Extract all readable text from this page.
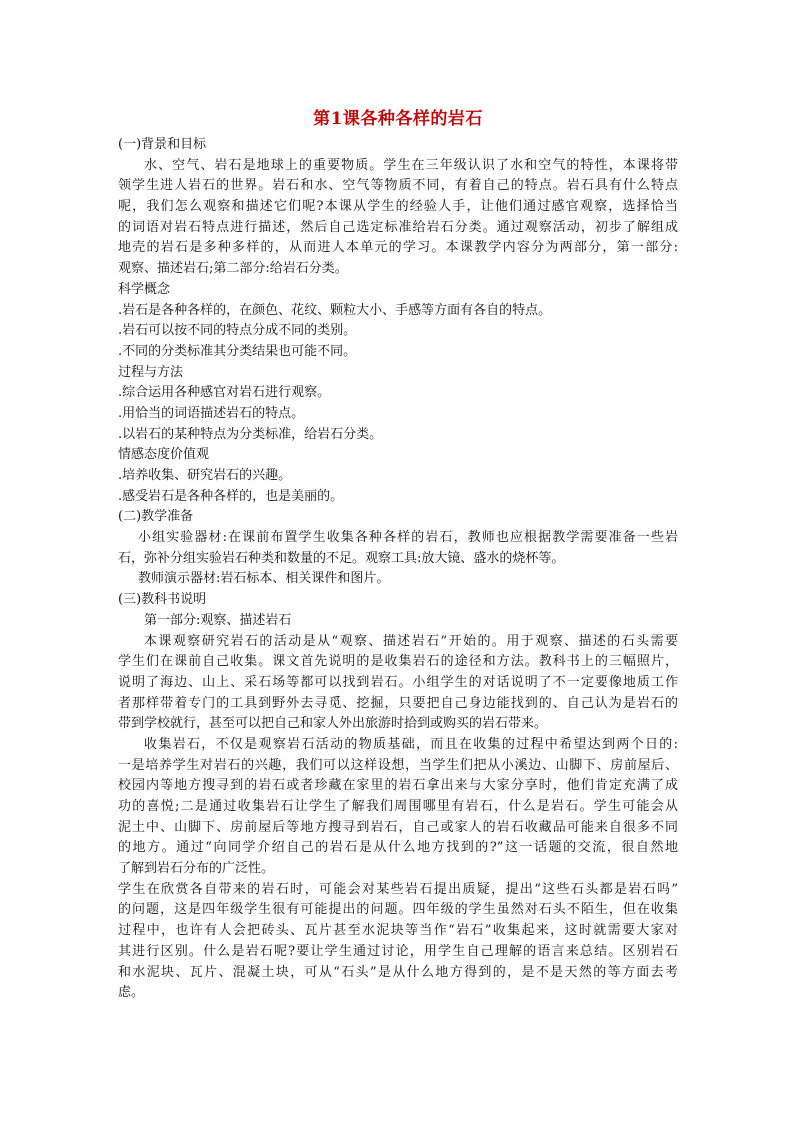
第1课各种各样的岩石
(一)背景和目标
水、空气、岩石是地球上的重要物质。学生在三年级认识了水和空气的特性，本课将带
领学生进人岩石的世界。岩石和水、空气等物质不同，有着自己的特点。岩石具有什么特点
呢，我们怎么观察和描述它们呢?本课从学生的经验人手，让他们通过感官观察，选择恰当
的词语对岩石特点进行描述，然后自己选定标准给岩石分类。通过观察活动，初步了解组成
地壳的岩石是多种多样的，从而进人本单元的学习。本课教学内容分为两部分，第一部分:
观察、描述岩石;第二部分:给岩石分类。
科学概念
.岩石是各种各样的，在颜色、花纹、颗粒大小、手感等方面有各自的特点。
.岩石可以按不同的特点分成不同的类别。
.不同的分类标准其分类结果也可能不同。
过程与方法
.综合运用各种感官对岩石进行观察。
.用恰当的词语描述岩石的特点。
.以岩石的某种特点为分类标准，给岩石分类。
情感态度价值观
.培养收集、研究岩石的兴趣。
.感受岩石是各种各样的，也是美丽的。
(二)教学准备
小组实验器材:在课前布置学生收集各种各样的岩石，教师也应根据教学需要准备一些岩
石，弥补分组实验岩石种类和数量的不足。观察工具:放大镜、盛水的烧杯等。
教师演示器材:岩石标本、相关课件和图片。
(三)教科书说明
第一部分:观察、描述岩石
本课观察研究岩石的活动是从“观察、描述岩石”开始的。用于观察、描述的石头需要
学生们在课前自己收集。课文首先说明的是收集岩石的途径和方法。教科书上的三幅照片，
说明了海边、山上、采石场等都可以找到岩石。小组学生的对话说明了不一定要像地质工作
者那样带着专门的工具到野外去寻觅、挖掘，只要把自己身边能找到的、自己认为是岩石的
带到学校就行，甚至可以把自己和家人外出旅游时拾到或购买的岩石带来。
收集岩石，不仅是观察岩石活动的物质基础，而且在收集的过程中希望达到两个日的:
一是培养学生对岩石的兴趣，我们可以这样设想，当学生们把从小溪边、山脚下、房前屋后、
校园内等地方搜寻到的岩石或者珍藏在家里的岩石拿出来与大家分享时，他们肯定充满了成
功的喜悦;二是通过收集岩石让学生了解我们周围哪里有岩石，什么是岩石。学生可能会从
泥土中、山脚下、房前屋后等地方搜寻到岩石，自己或家人的岩石收藏品可能来自很多不同
的地方。通过“向同学介绍自己的岩石是从什么地方找到的?”这一话题的交流，很自然地
了解到岩石分布的广泛性。
学生在欣赏各自带来的岩石时，可能会对某些岩石提出质疑，提出“这些石头都是岩石吗”
的问题，这是四年级学生很有可能提出的问题。四年级的学生虽然对石头不陌生，但在收集
过程中，也许有人会把砖头、瓦片甚至水泥块等当作“岩石”收集起来，这时就需要大家对
其进行区别。什么是岩石呢?要让学生通过讨论，用学生自己理解的语言来总结。区别岩石
和水泥块、瓦片、混凝土块，可从“石头”是从什么地方得到的，是不是天然的等方面去考
虑。
